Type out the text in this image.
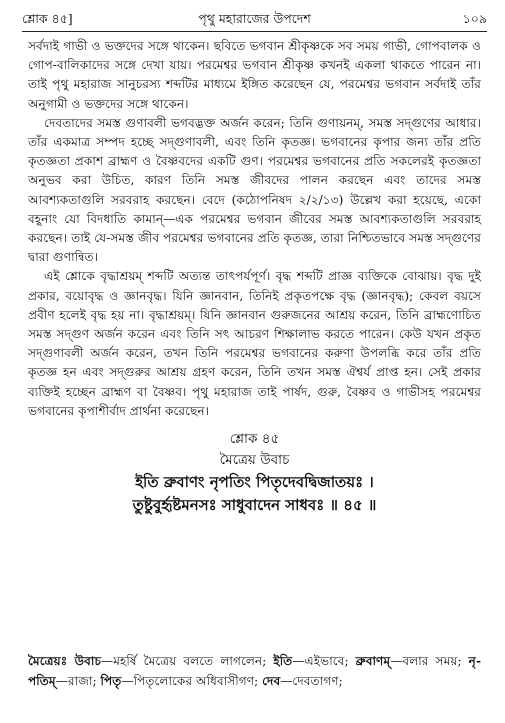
শ্লোক ৪৫]	পৃথু মহারাজের উপদেশ	১০৯

সর্বদাই গাভী ও ভক্তদের সঙ্গে থাকেন। ছবিতে ভগবান শ্রীকৃষ্ণকে সব সময় গাভী, গোপবালক ও গোপ-বালিকাদের সঙ্গে দেখা যায়। পরমেশ্বর ভগবান শ্রীকৃষ্ণ কখনই একলা থাকতে পারেন না। তাই পৃথু মহারাজ সানুচরস্য শব্দটির মাধ্যমে ইঙ্গিত করেছেন যে, পরমেশ্বর ভগবান সর্বদাই তাঁর অনুগামী ও ভক্তদের সঙ্গে থাকেন।

দেবতাদের সমস্ত গুণাবলী ভগবদ্ভক্ত অর্জন করেন; তিনি গুণায়নম্, সমস্ত সদ্গুণের আধার। তাঁর একমাত্র সম্পদ হচ্ছে সদ্গুণাবলী, এবং তিনি কৃতজ্ঞ। ভগবানের কৃপার জন্য তাঁর প্রতি কৃতজ্ঞতা প্রকাশ ব্রাহ্মণ ও বৈষ্ণবদের একটি গুণ। পরমেশ্বর ভগবানের প্রতি সকলেরই কৃতজ্ঞতা অনুভব করা উচিত, কারণ তিনি সমস্ত জীবদের পালন করছেন এবং তাদের সমস্ত আবশ্যকতাগুলি সরবরাহ করছেন। বেদে (কঠোপনিষদ ২/২/১৩) উল্লেখ করা হয়েছে, একো বহূনাং যো বিদধাতি কামান্—এক পরমেশ্বর ভগবান জীবের সমস্ত আবশ্যকতাগুলি সরবরাহ করছেন। তাই যে-সমস্ত জীব পরমেশ্বর ভগবানের প্রতি কৃতজ্ঞ, তারা নিশ্চিতভাবে সমস্ত সদ্গুণের দ্বারা গুণান্বিত।

এই শ্লোকে বৃদ্ধাশ্রয়ম্ শব্দটি অত্যন্ত তাৎপর্যপূর্ণ। বৃদ্ধ শব্দটি প্রাজ্ঞ ব্যক্তিকে বোঝায়। বৃদ্ধ দুই প্রকার, বয়োবৃদ্ধ ও জ্ঞানবৃদ্ধ। যিনি জ্ঞানবান, তিনিই প্রকৃতপক্ষে বৃদ্ধ (জ্ঞানবৃদ্ধ); কেবল বয়সে প্রবীণ হলেই বৃদ্ধ হয় না। বৃদ্ধাশ্রয়ম্। যিনি জ্ঞানবান গুরুজনের আশ্রয় করেন, তিনি ব্রাহ্মণোচিত সমস্ত সদ্গুণ অর্জন করেন এবং তিনি সৎ আচরণ শিক্ষালাভ করতে পারেন। কেউ যখন প্রকৃত সদ্গুণাবলী অর্জন করেন, তখন তিনি পরমেশ্বর ভগবানের করুণা উপলব্ধি করে তাঁর প্রতি কৃতজ্ঞ হন এবং সদ্গুরুর আশ্রয় গ্রহণ করেন, তিনি তখন সমস্ত ঐশ্বর্য প্রাপ্ত হন। সেই প্রকার ব্যক্তিই হচ্ছেন ব্রাহ্মণ বা বৈষ্ণব। পৃথু মহারাজ তাই পার্ষদ, গুরু, বৈষ্ণব ও গাভীসহ পরমেশ্বর ভগবানের কৃপাশীর্বাদ প্রার্থনা করেছেন।

শ্লোক ৪৫
মৈত্রেয় উবাচ
ইতি ব্রুবাণং নৃপতিং পিতৃদেবদ্বিজাতয়ঃ ।
তুষ্টুবুর্হৃষ্টমনসঃ সাধুবাদেন সাধবঃ ॥ ৪৫ ॥
মৈত্রেয়ঃ উবাচ—মহর্ষি মৈত্রেয় বলতে লাগলেন; ইতি—এইভাবে; ব্রুবাণম্—বলার সময়; নৃ-পতিম্—রাজা; পিতৃ—পিতৃলোকের অধিবাসীগণ; দেব—দেবতাগণ;
